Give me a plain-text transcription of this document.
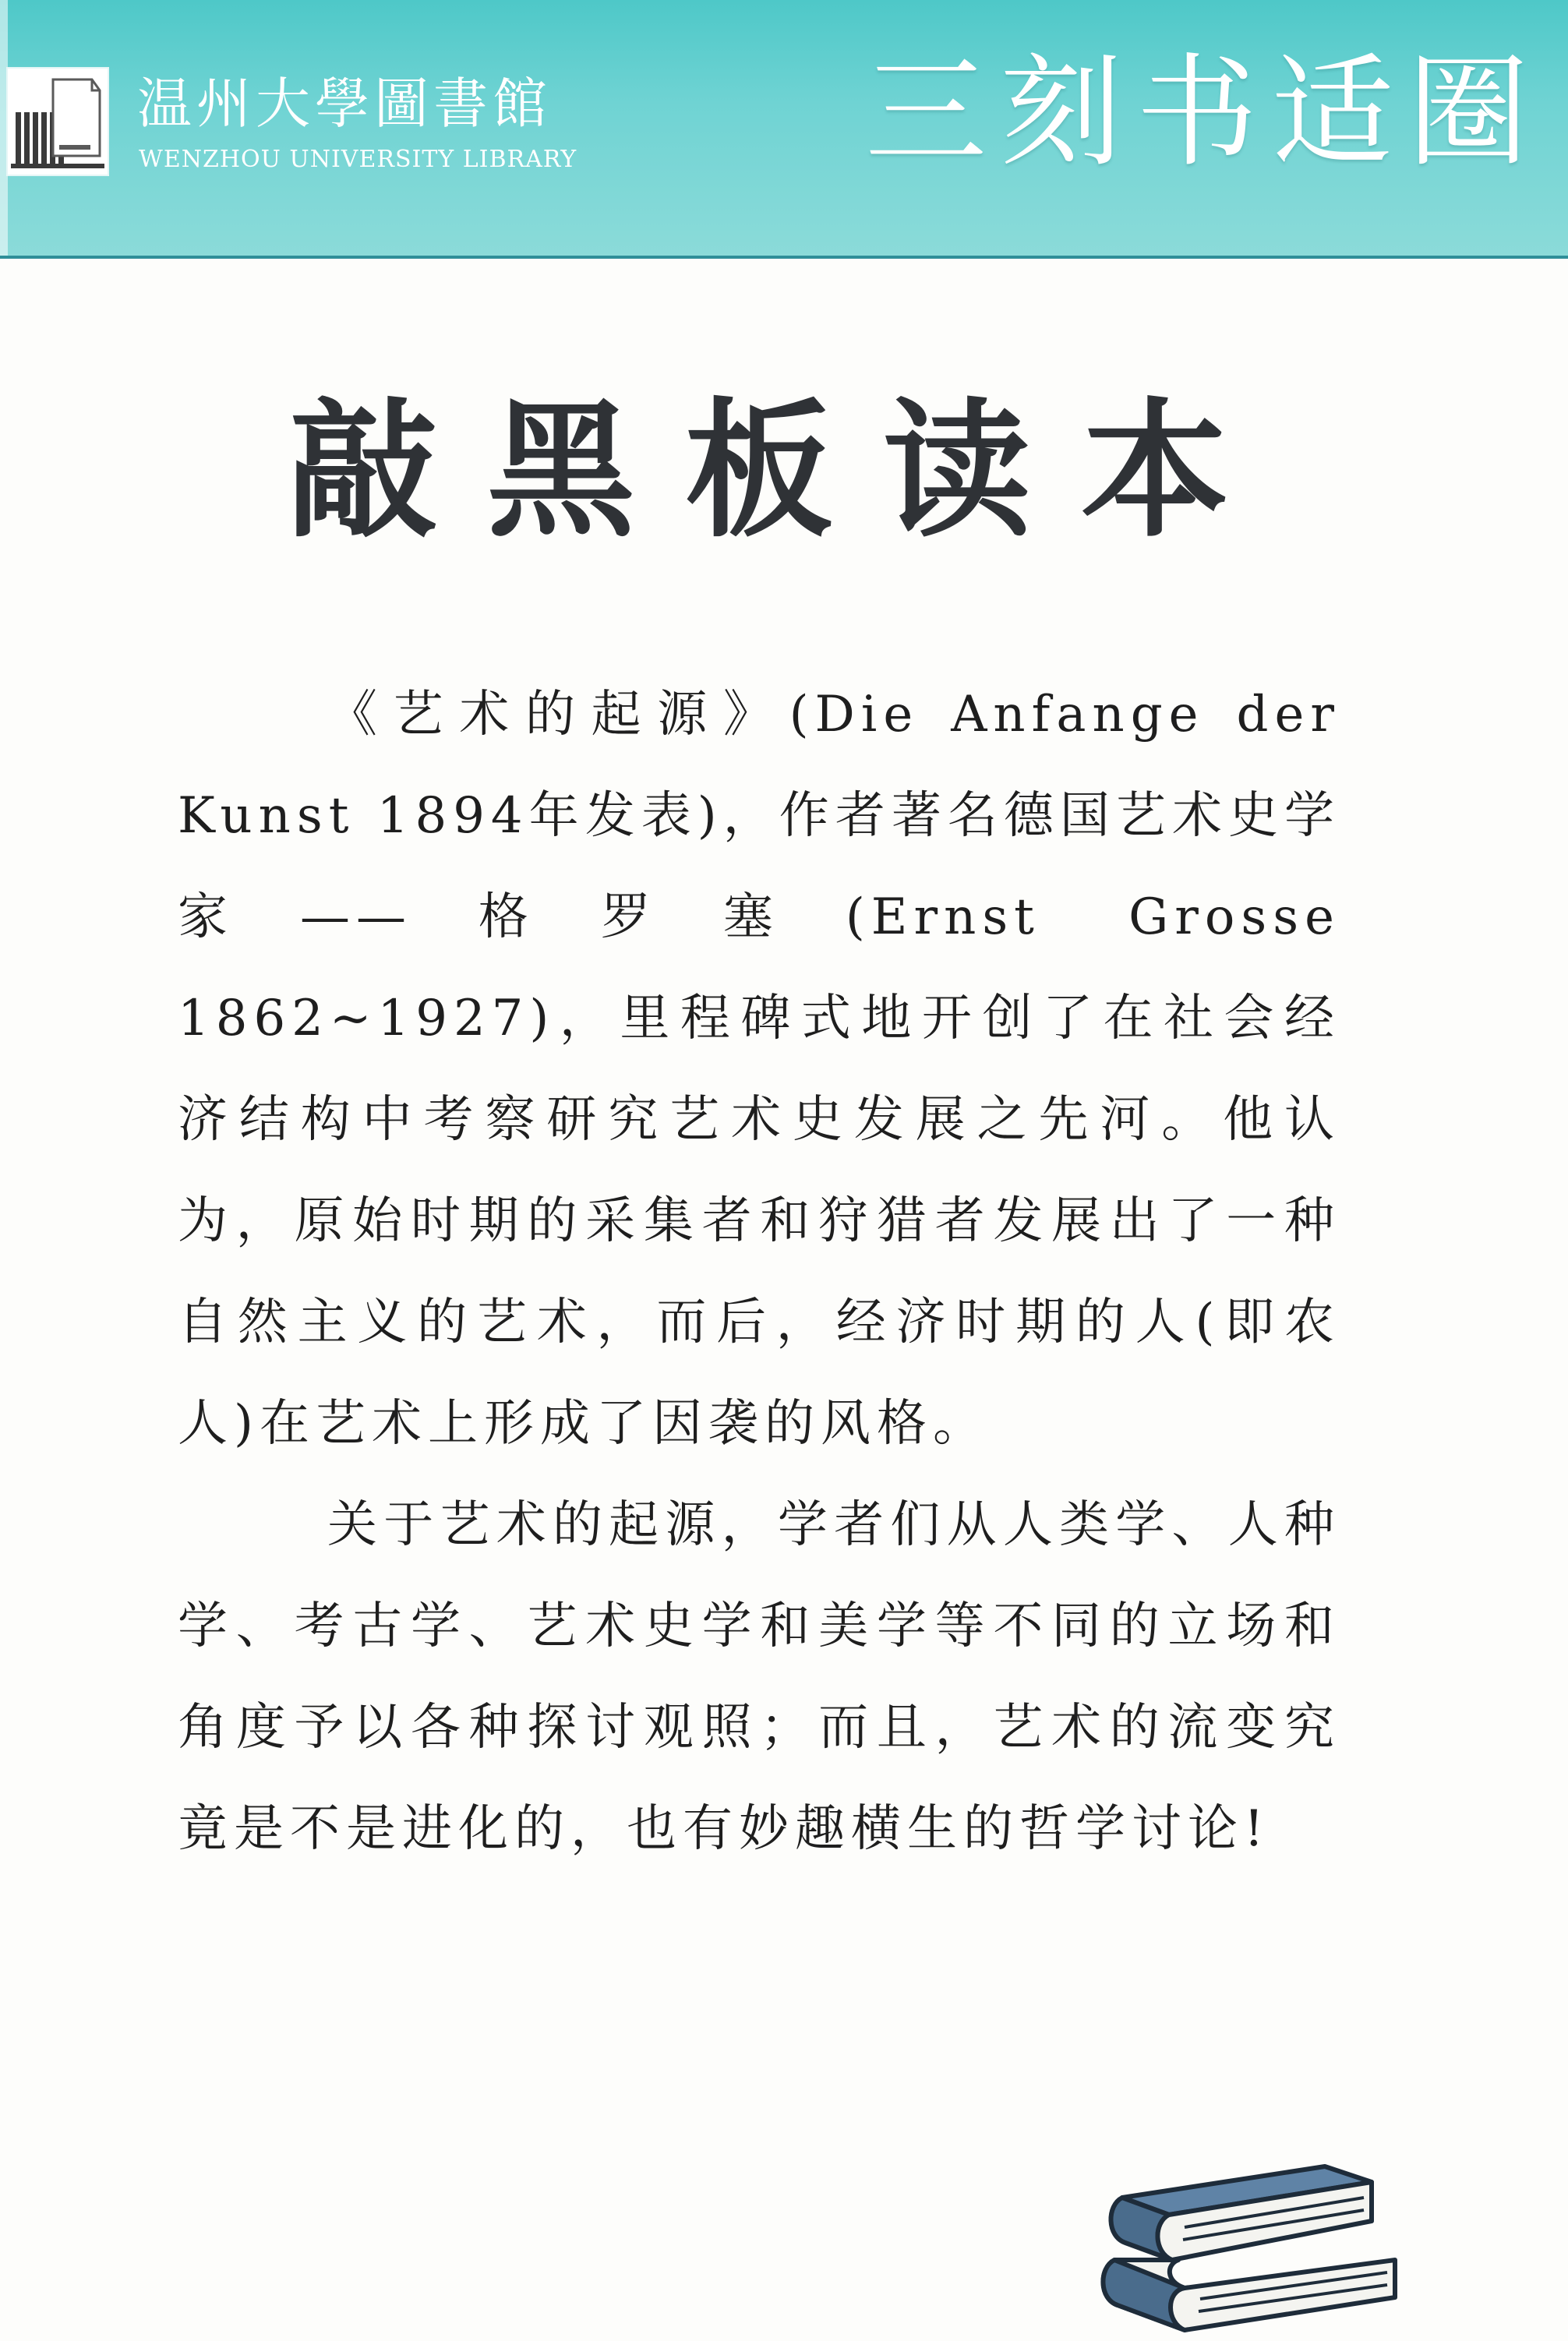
温州大學圖書館
WENZHOU UNIVERSITY LIBRARY 三刻书适圈
敲黑板读本

《艺术的起源》(Die Anfange der Kunst 1894年发表)，作者著名德国艺术史学家——格罗塞(Ernst Grosse 1862~1927)，里程碑式地开创了在社会经济结构中考察研究艺术史发展之先河。他认为，原始时期的采集者和狩猎者发展出了一种自然主义的艺术，而后，经济时期的人(即农人)在艺术上形成了因袭的风格。

关于艺术的起源，学者们从人类学、人种学、考古学、艺术史学和美学等不同的立场和角度予以各种探讨观照；而且，艺术的流变究竟是不是进化的，也有妙趣横生的哲学讨论!
